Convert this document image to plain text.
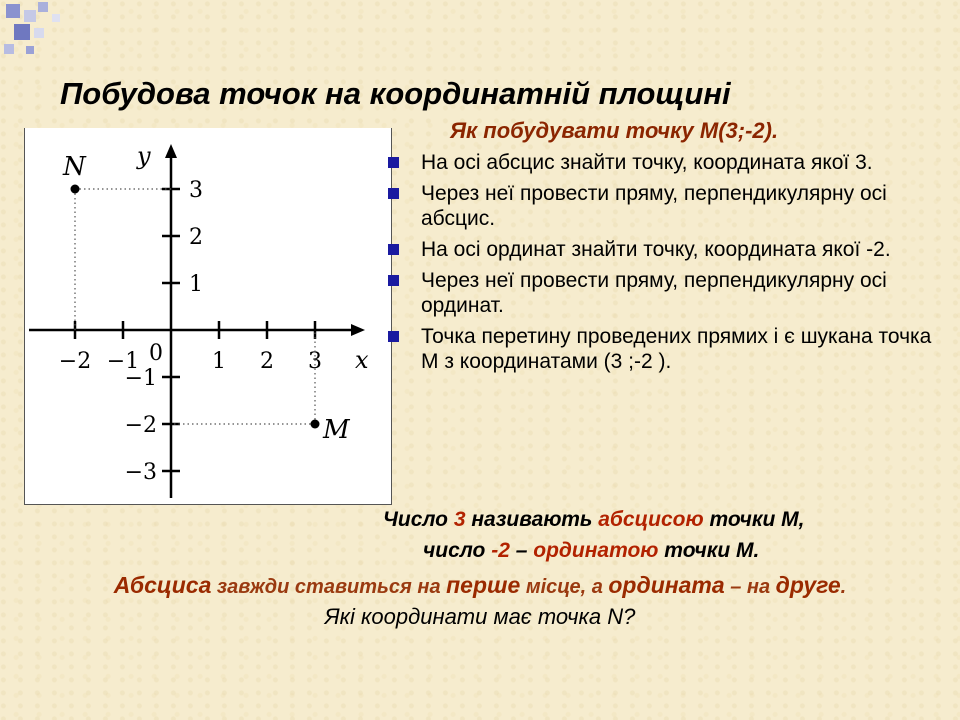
Побудова точок на координатній площині
x
y
0
−2 −1	1 2 3
3
2
1
−1
−2
−3
N
M
Як побудувати точку М(3;-2).
На осі абсцис знайти точку, координата якої 3.
Через неї провести пряму, перпендикулярну осі абсцис.
На осі ординат знайти точку, координата якої -2.
Через неї провести пряму, перпендикулярну осі ординат.
Точка перетину проведених прямих і є шукана точка М з координатами (3 ;-2 ).
Число 3 називають абсцисою точки М,
число -2 – ординатою точки М.
Абсциса завжди ставиться на перше місце, а ордината – на друге.
Які координати має точка N?
